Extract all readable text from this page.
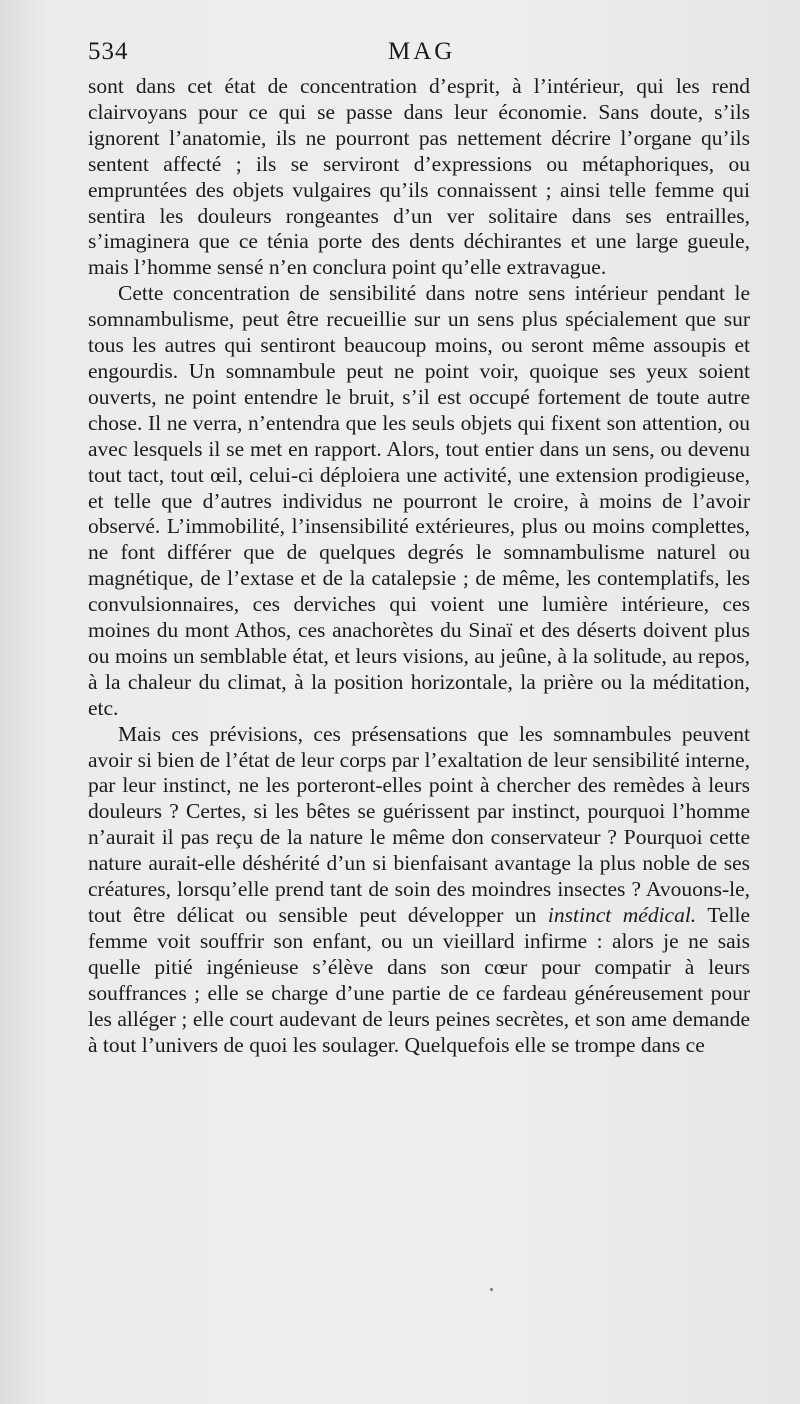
534	MAG

sont dans cet état de concentration d’esprit, à l’intérieur, qui les rend clairvoyans pour ce qui se passe dans leur économie. Sans doute, s’ils ignorent l’anatomie, ils ne pourront pas nettement décrire l’organe qu’ils sentent affecté ; ils se serviront d’expressions ou métaphoriques, ou empruntées des objets vulgaires qu’ils connaissent ; ainsi telle femme qui sentira les douleurs rongeantes d’un ver solitaire dans ses entrailles, s’imaginera que ce ténia porte des dents déchirantes et une large gueule, mais l’homme sensé n’en conclura point qu’elle extravague.

Cette concentration de sensibilité dans notre sens intérieur pendant le somnambulisme, peut être recueillie sur un sens plus spécialement que sur tous les autres qui sentiront beaucoup moins, ou seront même assoupis et engourdis. Un somnambule peut ne point voir, quoique ses yeux soient ouverts, ne point entendre le bruit, s’il est occupé fortement de toute autre chose. Il ne verra, n’entendra que les seuls objets qui fixent son attention, ou avec lesquels il se met en rapport. Alors, tout entier dans un sens, ou devenu tout tact, tout œil, celui-ci déploiera une activité, une extension prodigieuse, et telle que d’autres individus ne pourront le croire, à moins de l’avoir observé. L’immobilité, l’insensibilité extérieures, plus ou moins complettes, ne font différer que de quelques degrés le somnambulisme naturel ou magnétique, de l’extase et de la catalepsie ; de même, les contemplatifs, les convulsionnaires, ces derviches qui voient une lumière intérieure, ces moines du mont Athos, ces anachorètes du Sinaï et des déserts doivent plus ou moins un semblable état, et leurs visions, au jeûne, à la solitude, au repos, à la chaleur du climat, à la position horizontale, la prière ou la méditation, etc.

Mais ces prévisions, ces présensations que les somnambules peuvent avoir si bien de l’état de leur corps par l’exaltation de leur sensibilité interne, par leur instinct, ne les porteront-elles point à chercher des remèdes à leurs douleurs ? Certes, si les bêtes se guérissent par instinct, pourquoi l’homme n’aurait il pas reçu de la nature le même don conservateur ? Pourquoi cette nature aurait-elle déshérité d’un si bienfaisant avantage la plus noble de ses créatures, lorsqu’elle prend tant de soin des moindres insectes ? Avouons-le, tout être délicat ou sensible peut développer un instinct médical. Telle femme voit souffrir son enfant, ou un vieillard infirme : alors je ne sais quelle pitié ingénieuse s’élève dans son cœur pour compatir à leurs souffrances ; elle se charge d’une partie de ce fardeau généreusement pour les alléger ; elle court audevant de leurs peines secrètes, et son ame demande à tout l’univers de quoi les soulager. Quelquefois elle se trompe dans ce
